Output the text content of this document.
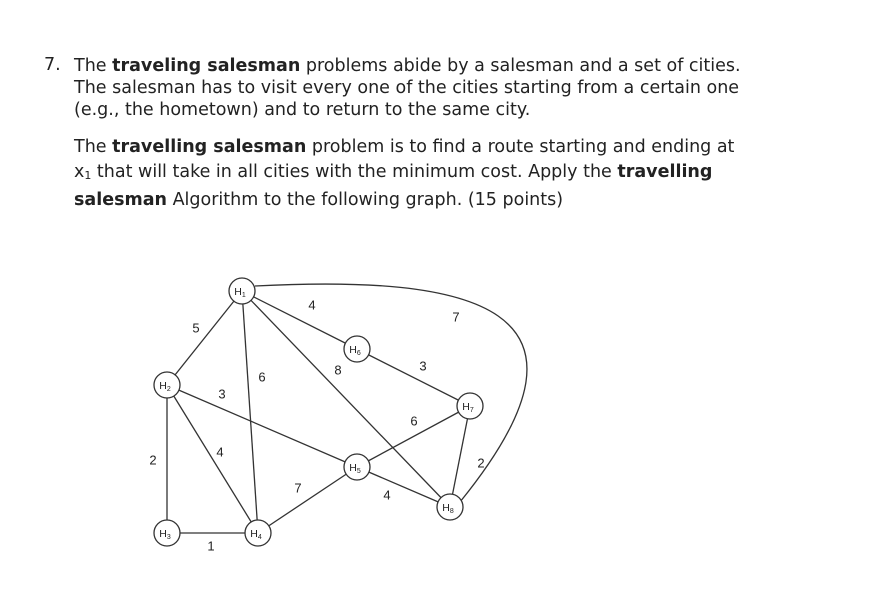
7. The traveling salesman problems abide by a salesman and a set of cities.

The salesman has to visit every one of the cities starting from a certain one

(e.g., the hometown) and to return to the same city.

The travelling salesman problem is to find a route starting and ending at

x1 that will take in all cities with the minimum cost. Apply the travelling

salesman Algorithm to the following graph. (15 points)

5
4
6	8
7
2
4
3
1
7
3
6
4
2
$H_1$
$H_2$
$H_3$	$H_4$
$H_5$
$H_6$
$H_7$
$H_8$
